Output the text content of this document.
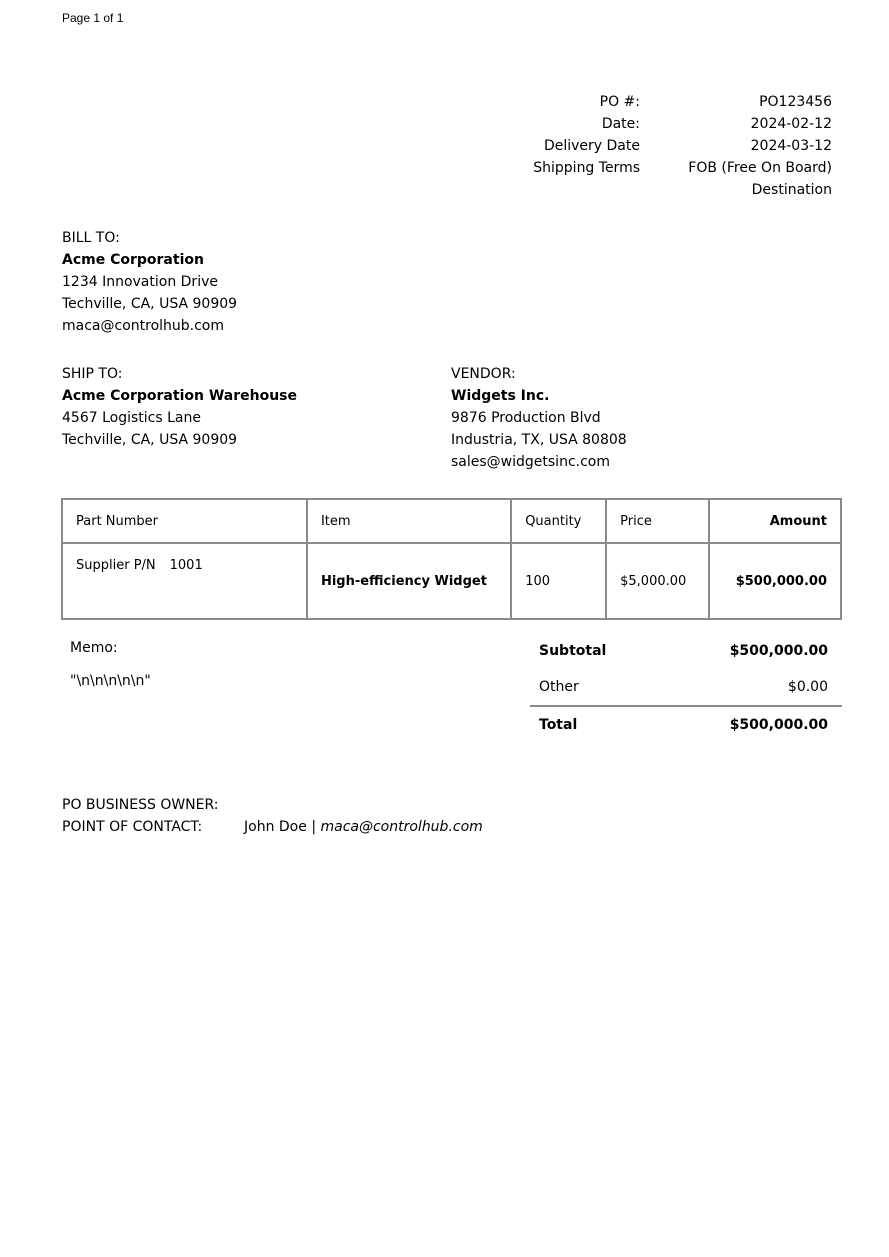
Page 1 of 1
PO #:	PO123456
Date:	2024-02-12
Delivery Date	2024-03-12
Shipping Terms	FOB (Free On Board)
Destination
BILL TO:
Acme Corporation
1234 Innovation Drive
Techville, CA, USA 90909
maca@controlhub.com
SHIP TO:
Acme Corporation Warehouse
4567 Logistics Lane
Techville, CA, USA 90909
VENDOR:
Widgets Inc.
9876 Production Blvd
Industria, TX, USA 80808
sales@widgetsinc.com
Part Number	Item	Quantity	Price	Amount
Supplier P/N 1001	High-efficiency Widget	100	$5,000.00	$500,000.00
Memo:
"\n\n\n\n\n"
Subtotal	$500,000.00
Other	$0.00
Total	$500,000.00
PO BUSINESS OWNER:
POINT OF CONTACT:	John Doe
|
maca@controlhub.com
